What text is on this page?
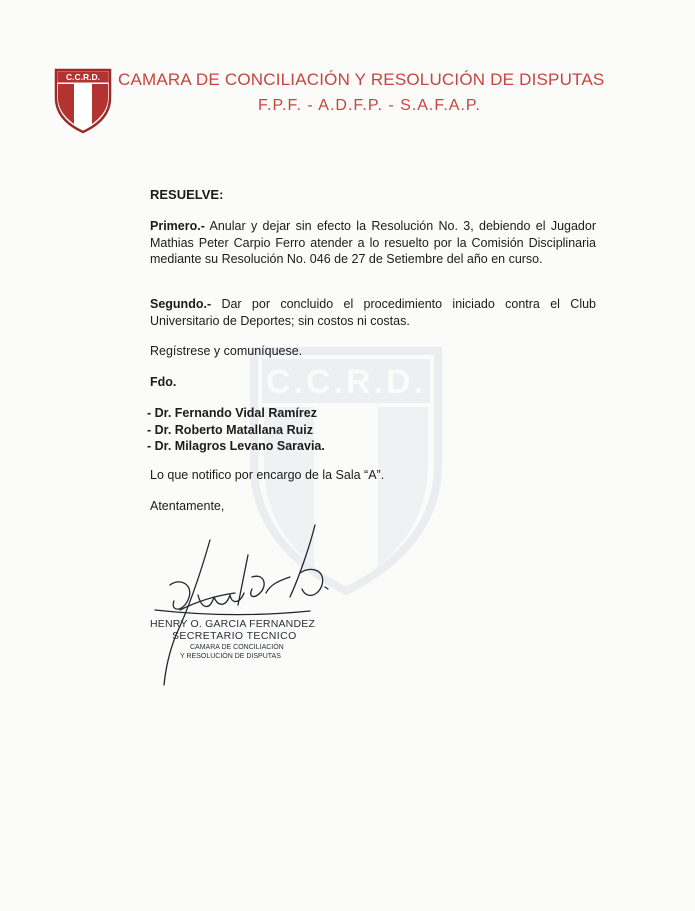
C.C.R.D. CAMARA DE CONCILIACIÓN Y RESOLUCIÓN DE DISPUTAS
F.P.F. - A.D.F.P. - S.A.F.A.P.
C.C.R.D.
RESUELVE:
Primero.- Anular y dejar sin efecto la Resolución No. 3, debiendo el Jugador Mathias Peter Carpio Ferro atender a lo resuelto por la Comisión Disciplinaria mediante su Resolución No. 046 de 27 de Setiembre del año en curso.
Segundo.- Dar por concluido el procedimiento iniciado contra el Club Universitario de Deportes; sin costos ni costas.
Regístrese y comuníquese.
Fdo.
- Dr. Fernando Vidal Ramírez
- Dr. Roberto Matallana Ruiz
- Dr. Milagros Levano Saravia.
Lo que notifico por encargo de la Sala “A”.
Atentamente,
HENRY O. GARCIA FERNANDEZ
SECRETARIO TECNICO
CAMARA DE CONCILIACIÓN
Y RESOLUCIÓN DE DISPUTAS
